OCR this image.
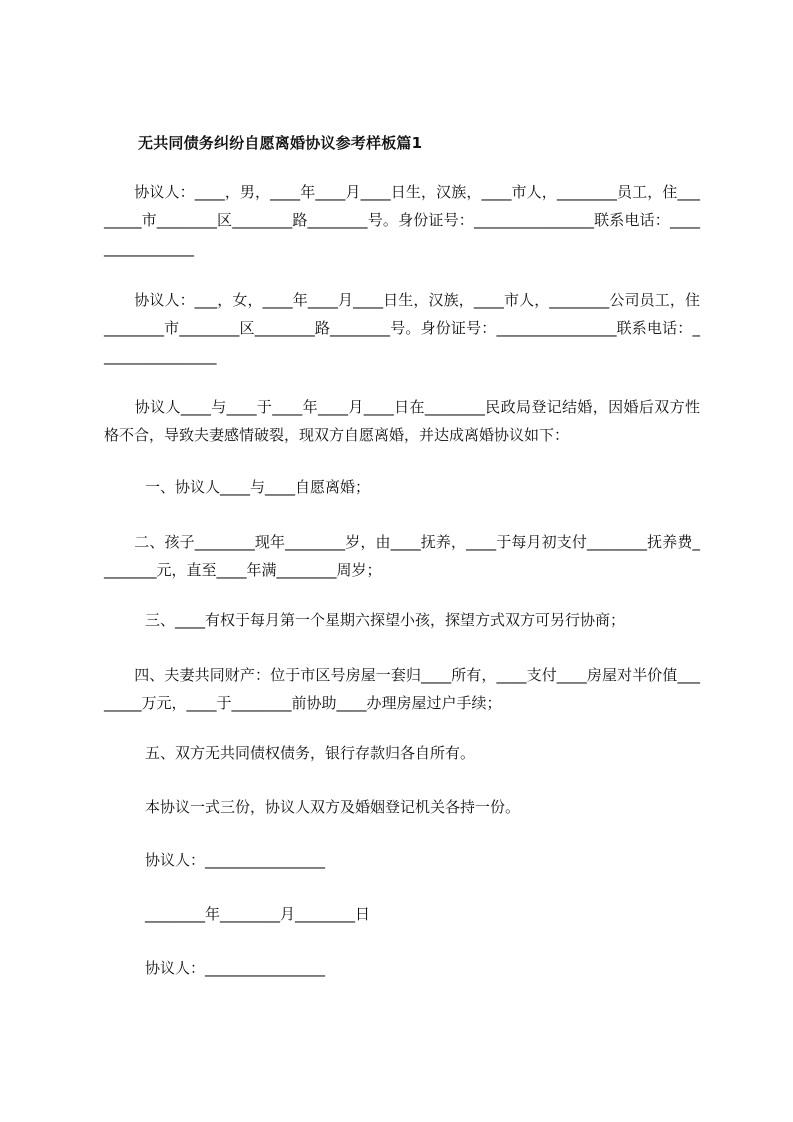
无共同债务纠纷自愿离婚协议参考样板篇1
　　协议人：____，男，____年____月____日生，汉族，____市人，________员工，住________市________区________路________号。身份证号：________________联系电话：________________
　　协议人：___，女，____年____月____日生，汉族，____市人，________公司员工，住________市________区________路________号。身份证号：________________联系电话：________________
　　协议人____与____于____年____月____日在________民政局登记结婚，因婚后双方性格不合，导致夫妻感情破裂，现双方自愿离婚，并达成离婚协议如下：
一、协议人____与____自愿离婚；
　　二、孩子________现年________岁，由____抚养，____于每月初支付________抚养费________元，直至____年满________周岁；
三、____有权于每月第一个星期六探望小孩，探望方式双方可另行协商；
　　四、夫妻共同财产：位于市区号房屋一套归____所有，____支付____房屋对半价值________万元，____于________前协助____办理房屋过户手续；
五、双方无共同债权债务，银行存款归各自所有。
本协议一式三份，协议人双方及婚姻登记机关各持一份。
协议人：________________
________年________月________日
协议人：________________
